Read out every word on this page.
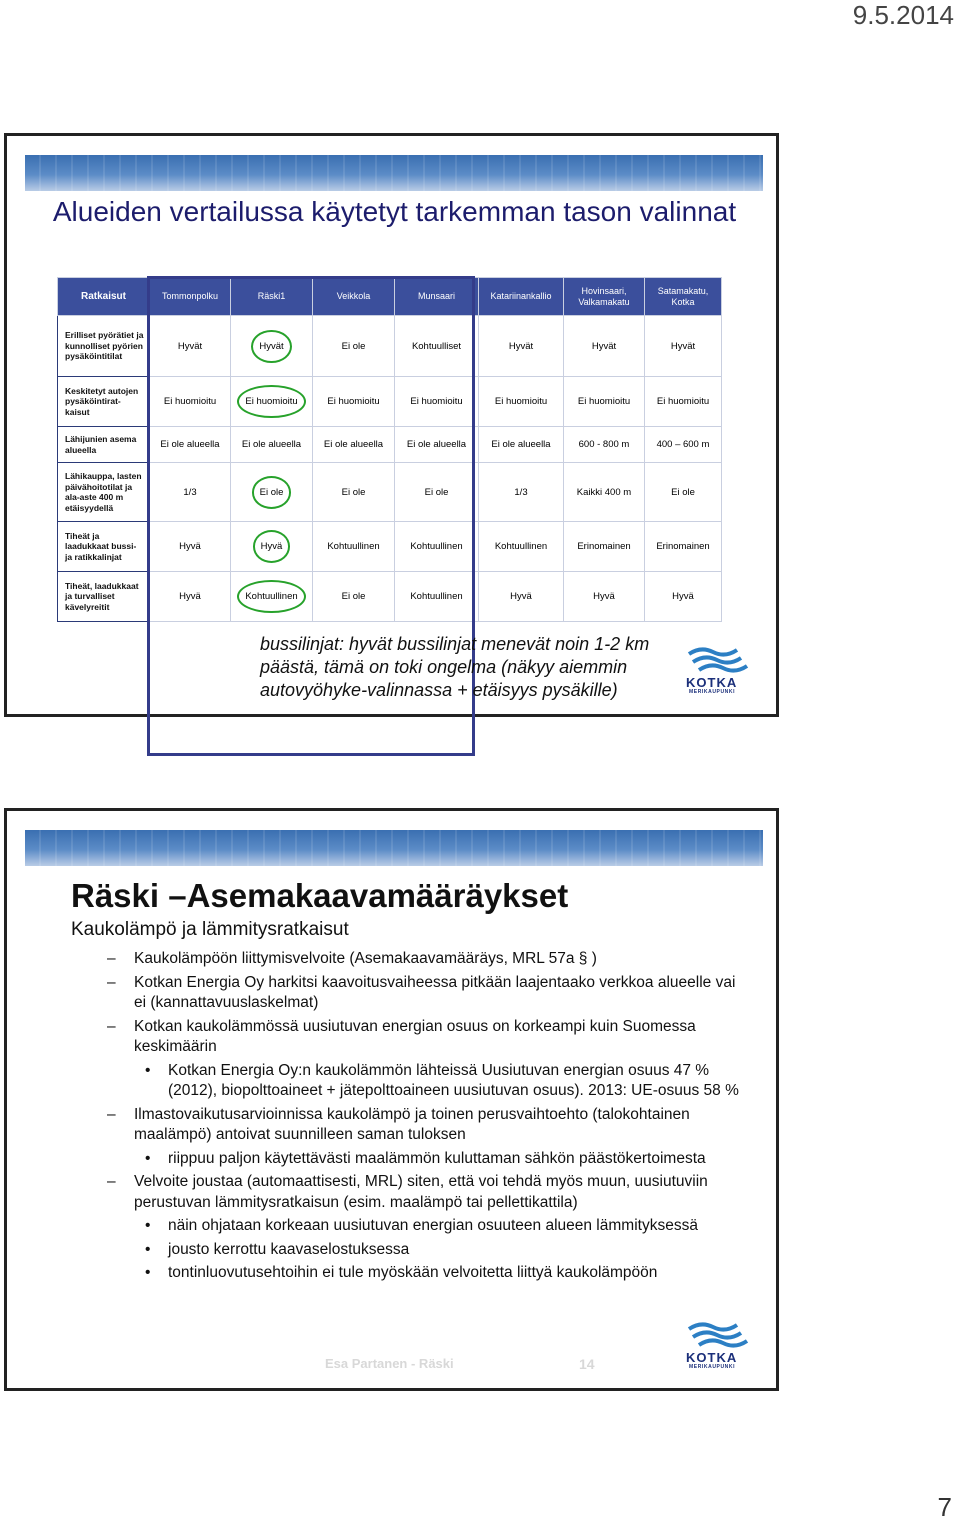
9.5.2014
Alueiden vertailussa käytetyt tarkemman tason valinnat
Ratkaisut	Tommonpolku	Räski1	Veikkola	Munsaari	Katariinankallio	Hovinsaari, Valkamakatu	Satamakatu, Kotka
Erilliset pyörätiet ja kunnolliset pyörien pysäköintitilat	Hyvät	Hyvät	Ei ole	Kohtuulliset	Hyvät	Hyvät	Hyvät
Keskitetyt autojen pysäköintirat-kaisut	Ei huomioitu	Ei huomioitu	Ei huomioitu	Ei huomioitu	Ei huomioitu	Ei huomioitu	Ei huomioitu
Lähijunien asema alueella	Ei ole alueella	Ei ole alueella	Ei ole alueella	Ei ole alueella	Ei ole alueella	600 - 800 m	400 – 600 m
Lähikauppa, lasten päivähoitotilat ja ala-aste 400 m etäisyydellä	1/3	Ei ole	Ei ole	Ei ole	1/3	Kaikki 400 m	Ei ole
Tiheät ja laadukkaat bussi- ja ratikkalinjat	Hyvä	Hyvä	Kohtuullinen	Kohtuullinen	Kohtuullinen	Erinomainen	Erinomainen
Tiheät, laadukkaat ja turvalliset kävelyreitit	Hyvä	Kohtuullinen	Ei ole	Kohtuullinen	Hyvä	Hyvä	Hyvä
bussilinjat: hyvät bussilinjat menevät noin 1-2 km
päästä, tämä on toki ongelma (näkyy aiemmin
autovyöhyke-valinnassa + etäisyys pysäkille)	KOTKA
MERIKAUPUNKI
Räski –Asemakaavamääräykset
Kaukolämpö ja lämmitysratkaisut
– Kaukolämpöön liittymisvelvoite (Asemakaavamääräys, MRL 57a § )
– Kotkan Energia Oy harkitsi kaavoitusvaiheessa pitkään laajentaako verkkoa alueelle vai ei (kannattavuuslaskelmat)
– Kotkan kaukolämmössä uusiutuvan energian osuus on korkeampi kuin Suomessa keskimäärin
• Kotkan Energia Oy:n kaukolämmön lähteissä Uusiutuvan energian osuus 47 % (2012), biopolttoaineet + jätepolttoaineen uusiutuvan osuus). 2013: UE-osuus 58 %
– Ilmastovaikutusarvioinnissa kaukolämpö ja toinen perusvaihtoehto (talokohtainen maalämpö) antoivat suunnilleen saman tuloksen
• riippuu paljon käytettävästi maalämmön kuluttaman sähkön päästökertoimesta
– Velvoite joustaa (automaattisesti, MRL) siten, että voi tehdä myös muun, uusiutuviin perustuvan lämmitysratkaisun (esim. maalämpö tai pellettikattila)
• näin ohjataan korkeaan uusiutuvan energian osuuteen alueen lämmityksessä
• jousto kerrottu kaavaselostuksessa
• tontinluovutusehtoihin ei tule myöskään velvoitetta liittyä kaukolämpöön
Esa Partanen - Räski	14	KOTKA
MERIKAUPUNKI
7
